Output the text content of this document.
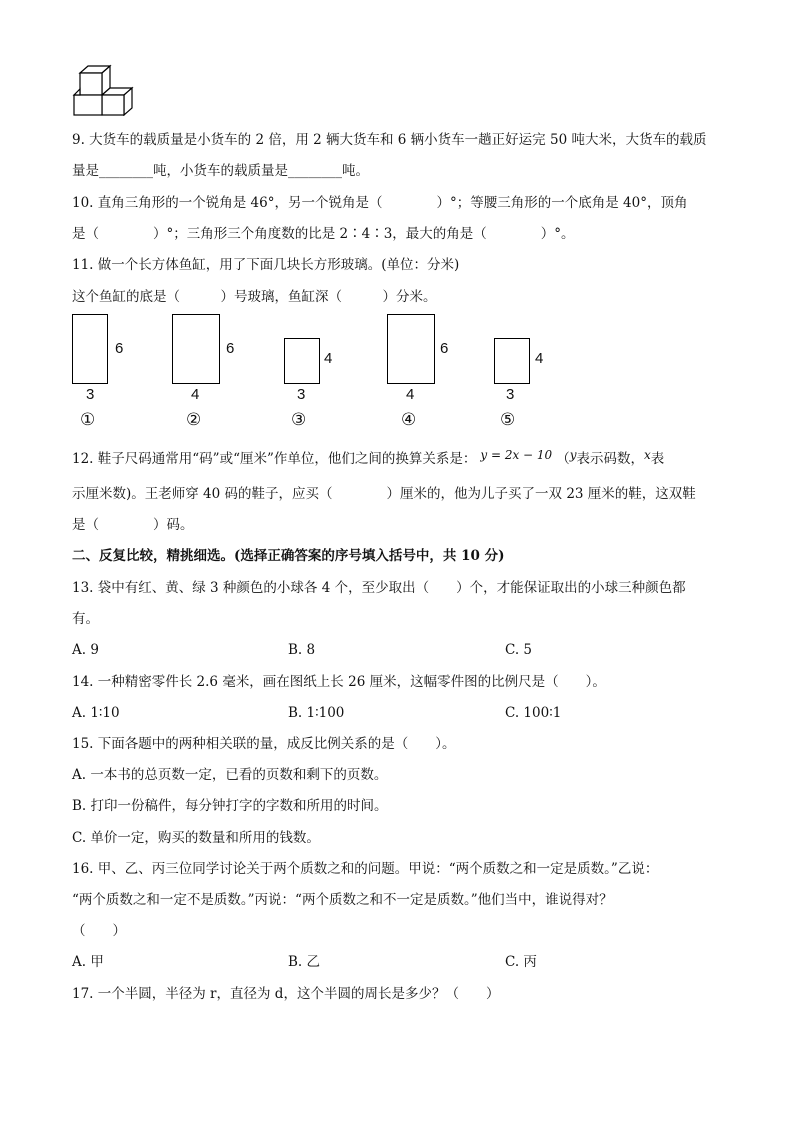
9. 大货车的载质量是小货车的 2 倍，用 2 辆大货车和 6 辆小货车一趟正好运完 50 吨大米，大货车的载质
量是________吨，小货车的载质量是________吨。
10. 直角三角形的一个锐角是 46°，另一个锐角是（　　　　）°；等腰三角形的一个底角是 40°，顶角
是（　　　　）°；三角形三个角度数的比是 2∶4∶3，最大的角是（　　　　）°。
11. 做一个长方体鱼缸，用了下面几块长方形玻璃。(单位：分米)
这个鱼缸的底是（　　　）号玻璃，鱼缸深（　　　）分米。
6
3
①
6
4
②
4
3
③
6
4
④
4
3
⑤
12. 鞋子尺码通常用“码”或“厘米”作单位，他们之间的换算关系是： y = 2x − 10 （y表示码数，x表
示厘米数)。王老师穿 40 码的鞋子，应买（　　　　）厘米的，他为儿子买了一双 23 厘米的鞋，这双鞋
是（　　　　）码。
二、反复比较，精挑细选。(选择正确答案的序号填入括号中，共 10 分)
13. 袋中有红、黄、绿 3 种颜色的小球各 4 个，至少取出（　　）个，才能保证取出的小球三种颜色都
有。
A. 9	B. 8	C. 5
14. 一种精密零件长 2.6 毫米，画在图纸上长 26 厘米，这幅零件图的比例尺是（　　）。
A. 1∶10	B. 1∶100	C. 100∶1
15. 下面各题中的两种相关联的量，成反比例关系的是（　　）。
A. 一本书的总页数一定，已看的页数和剩下的页数。
B. 打印一份稿件，每分钟打字的字数和所用的时间。
C. 单价一定，购买的数量和所用的钱数。
16. 甲、乙、丙三位同学讨论关于两个质数之和的问题。甲说：“两个质数之和一定是质数。”乙说：
“两个质数之和一定不是质数。”丙说：“两个质数之和不一定是质数。”他们当中，谁说得对？
（　　）
A. 甲	B. 乙	C. 丙
17. 一个半圆，半径为 r，直径为 d，这个半圆的周长是多少？（　　）
